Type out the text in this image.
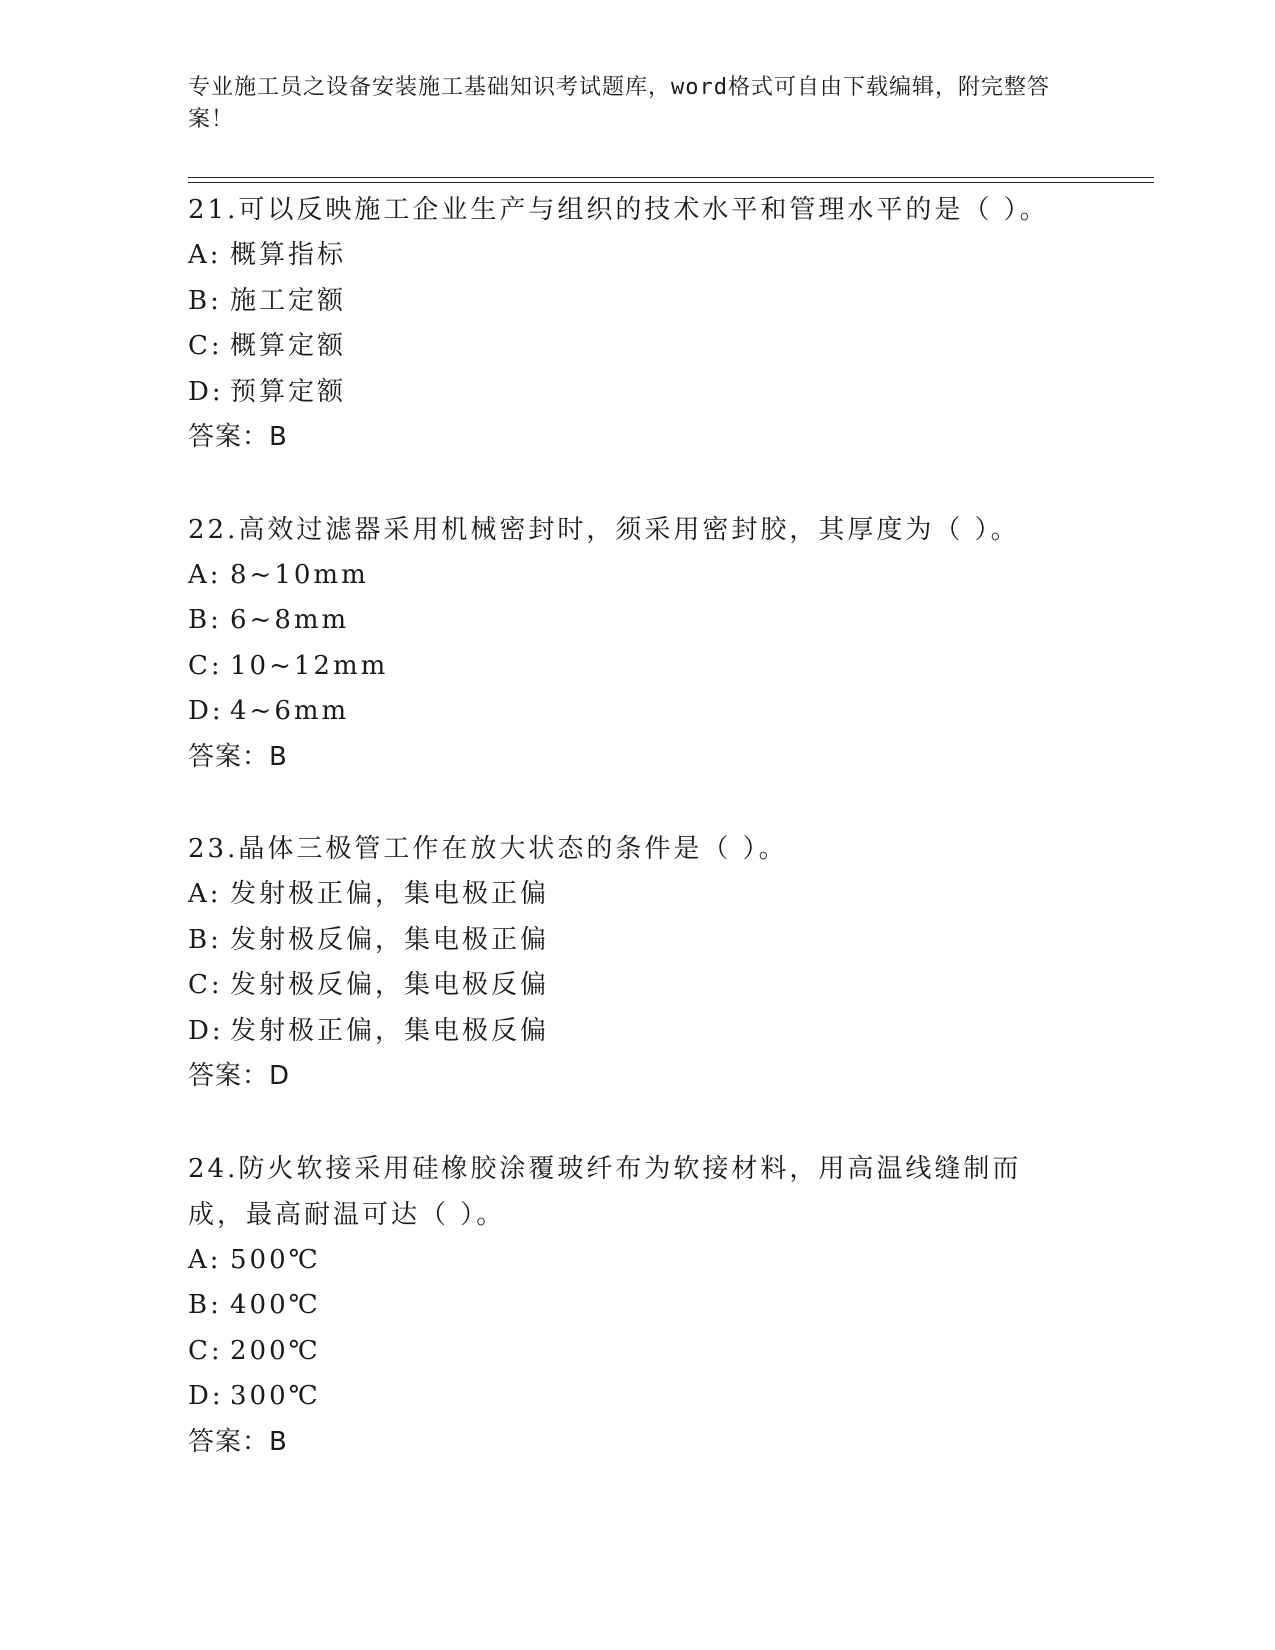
专业施工员之设备安装施工基础知识考试题库，word格式可自由下载编辑，附完整答案！
21.可以反映施工企业生产与组织的技术水平和管理水平的是（ ）。
A: 概算指标
B: 施工定额
C: 概算定额
D: 预算定额
答案：B
22.高效过滤器采用机械密封时，须采用密封胶，其厚度为（ ）。
A: 8~10mm
B: 6~8mm
C: 10~12mm
D: 4~6mm
答案：B
23.晶体三极管工作在放大状态的条件是（ ）。
A: 发射极正偏，集电极正偏
B: 发射极反偏，集电极正偏
C: 发射极反偏，集电极反偏
D: 发射极正偏，集电极反偏
答案：D
24.防火软接采用硅橡胶涂覆玻纤布为软接材料，用高温线缝制而成，最高耐温可达（ ）。
A: 500℃
B: 400℃
C: 200℃
D: 300℃
答案：B
